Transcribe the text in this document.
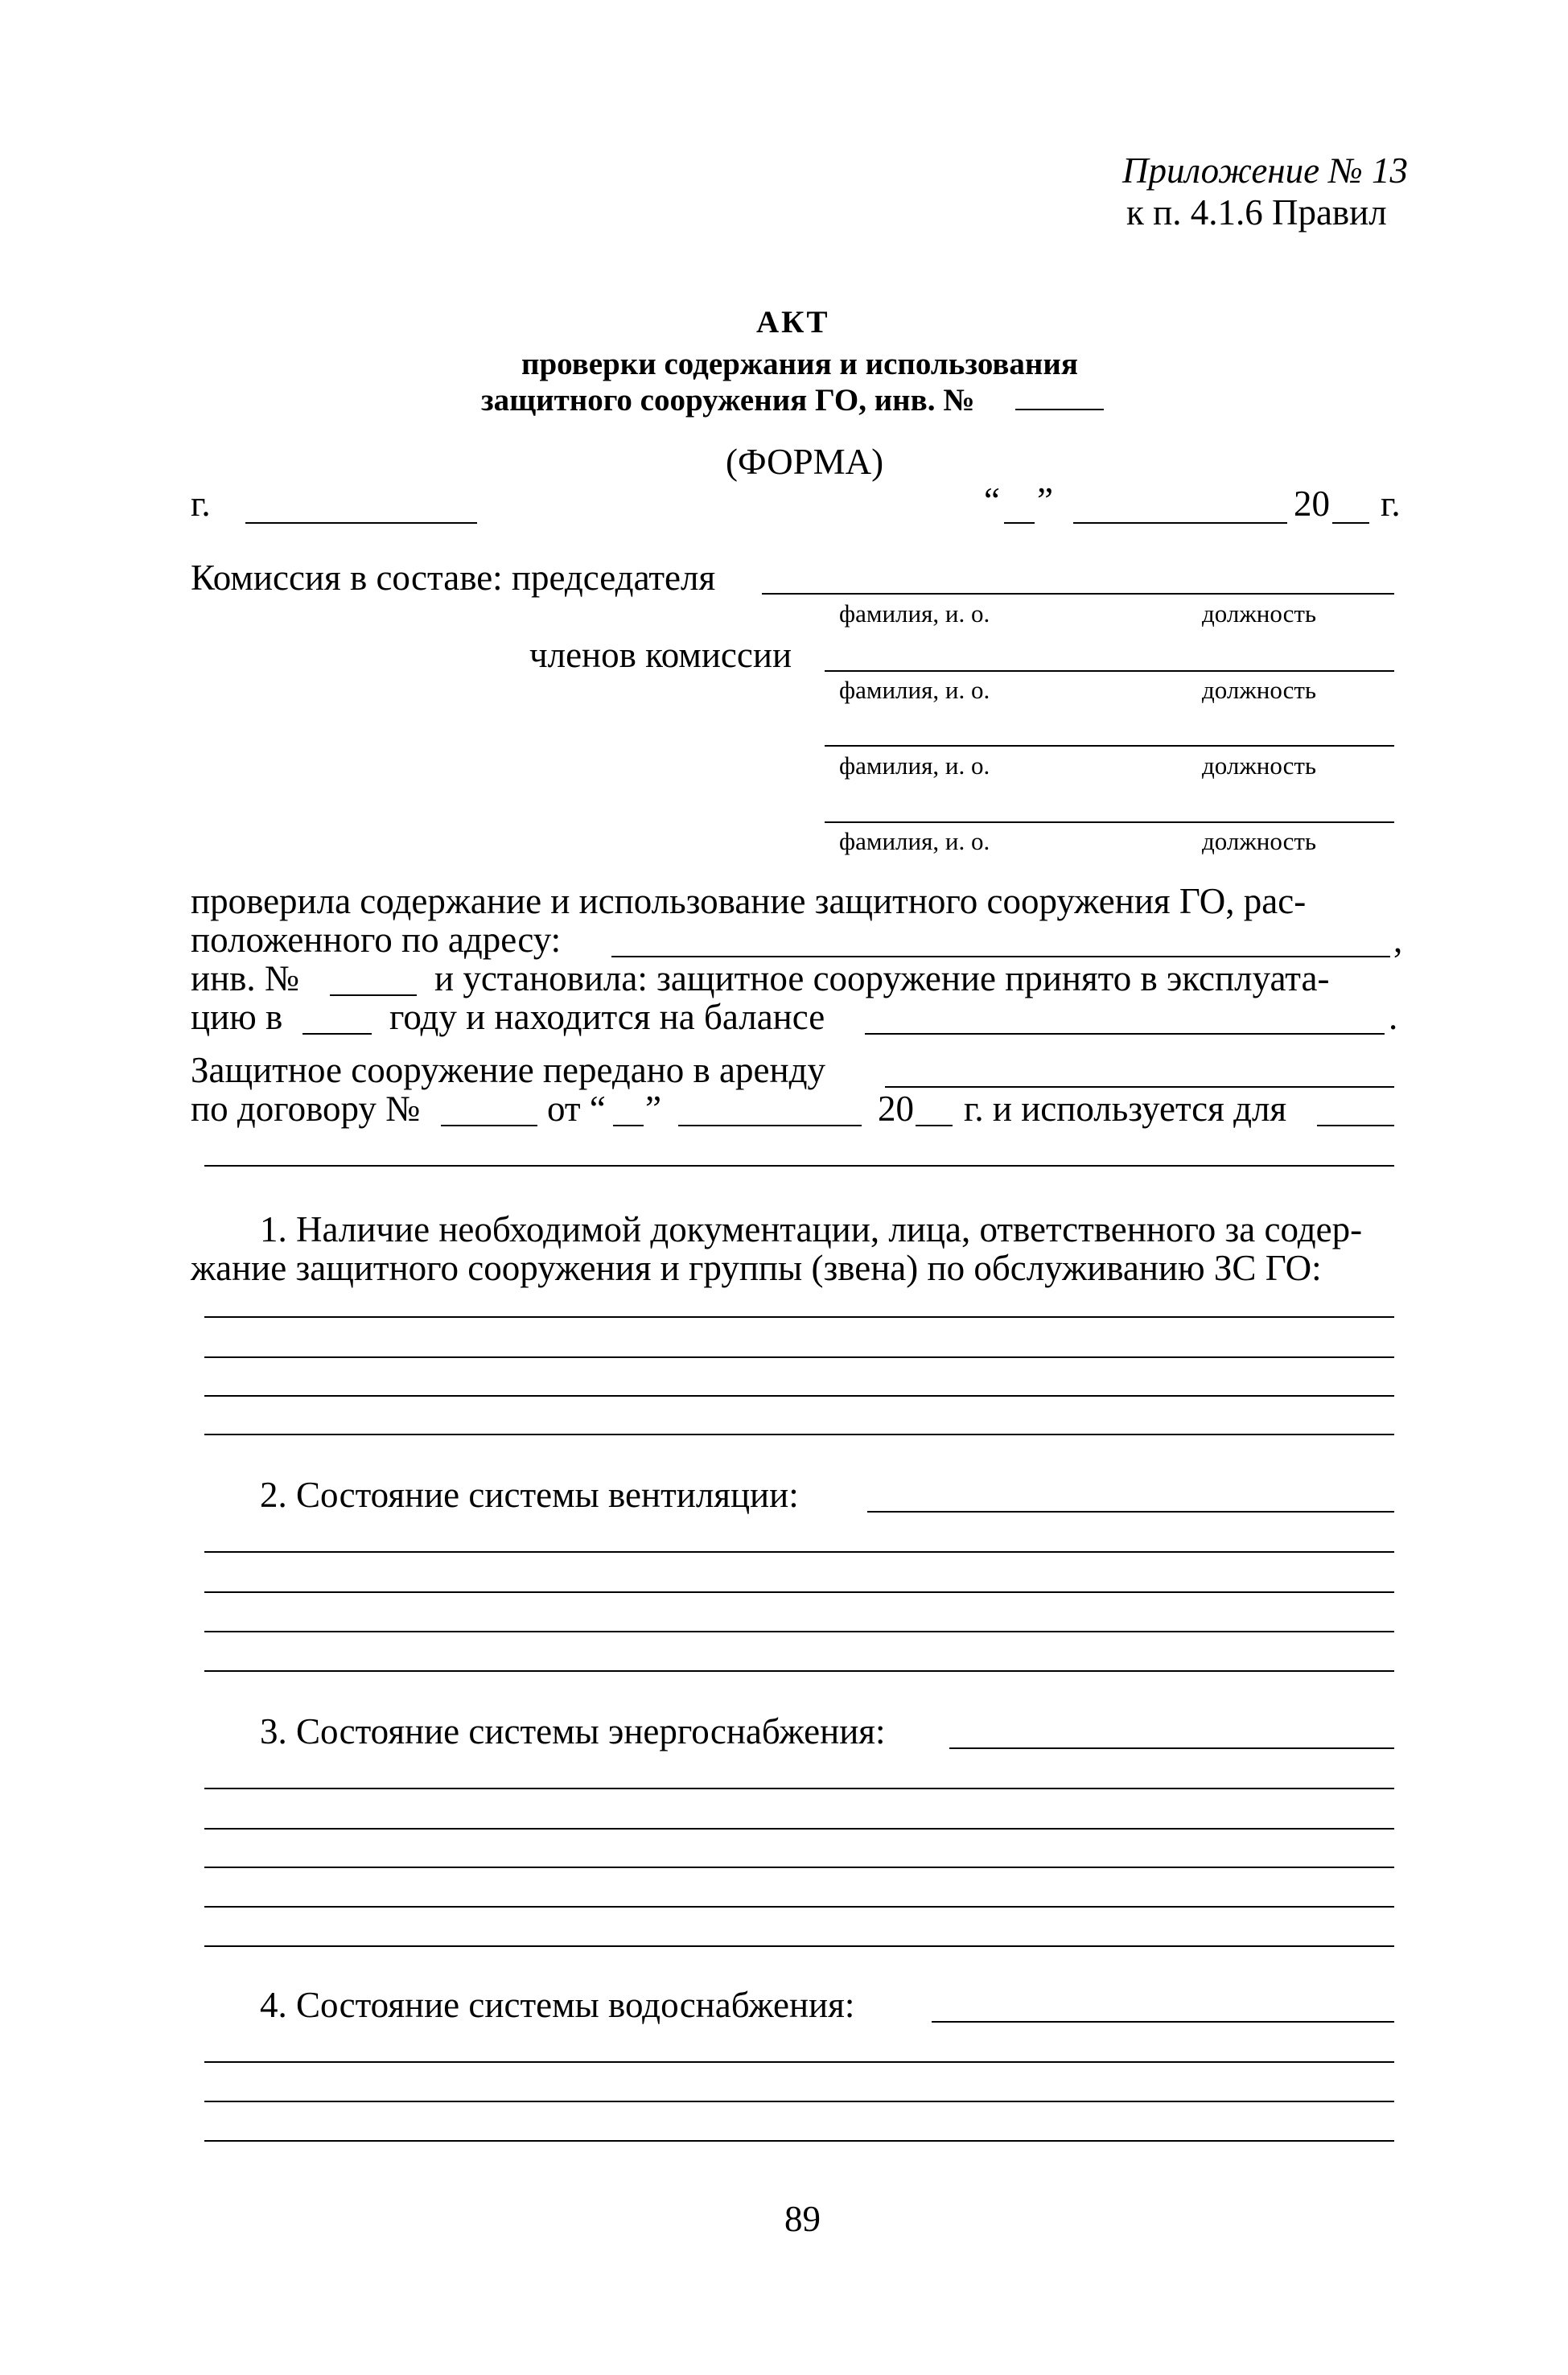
Приложение № 13
к п. 4.1.6 Правил
АКТ
проверки содержания и использования
защитного сооружения ГО, инв. №
(ФОРМА)
г.	“ ”	20 г.
Комиссия в составе: председателя
фамилия, и. о.	должность
членов комиссии
фамилия, и. о.	должность
фамилия, и. о.	должность
фамилия, и. о.	должность
проверила содержание и использование защитного сооружения ГО, рас-
положенного по адресу:	,
инв. №	и установила: защитное сооружение принято в эксплуата-
цию в	году и находится на балансе	.
Защитное сооружение передано в аренду
по договору №	от “ ”	20 г. и используется для
1. Наличие необходимой документации, лица, ответственного за содер-
жание защитного сооружения и группы (звена) по обслуживанию ЗС ГО:
2. Состояние системы вентиляции:
3. Состояние системы энергоснабжения:
4. Состояние системы водоснабжения:
89
